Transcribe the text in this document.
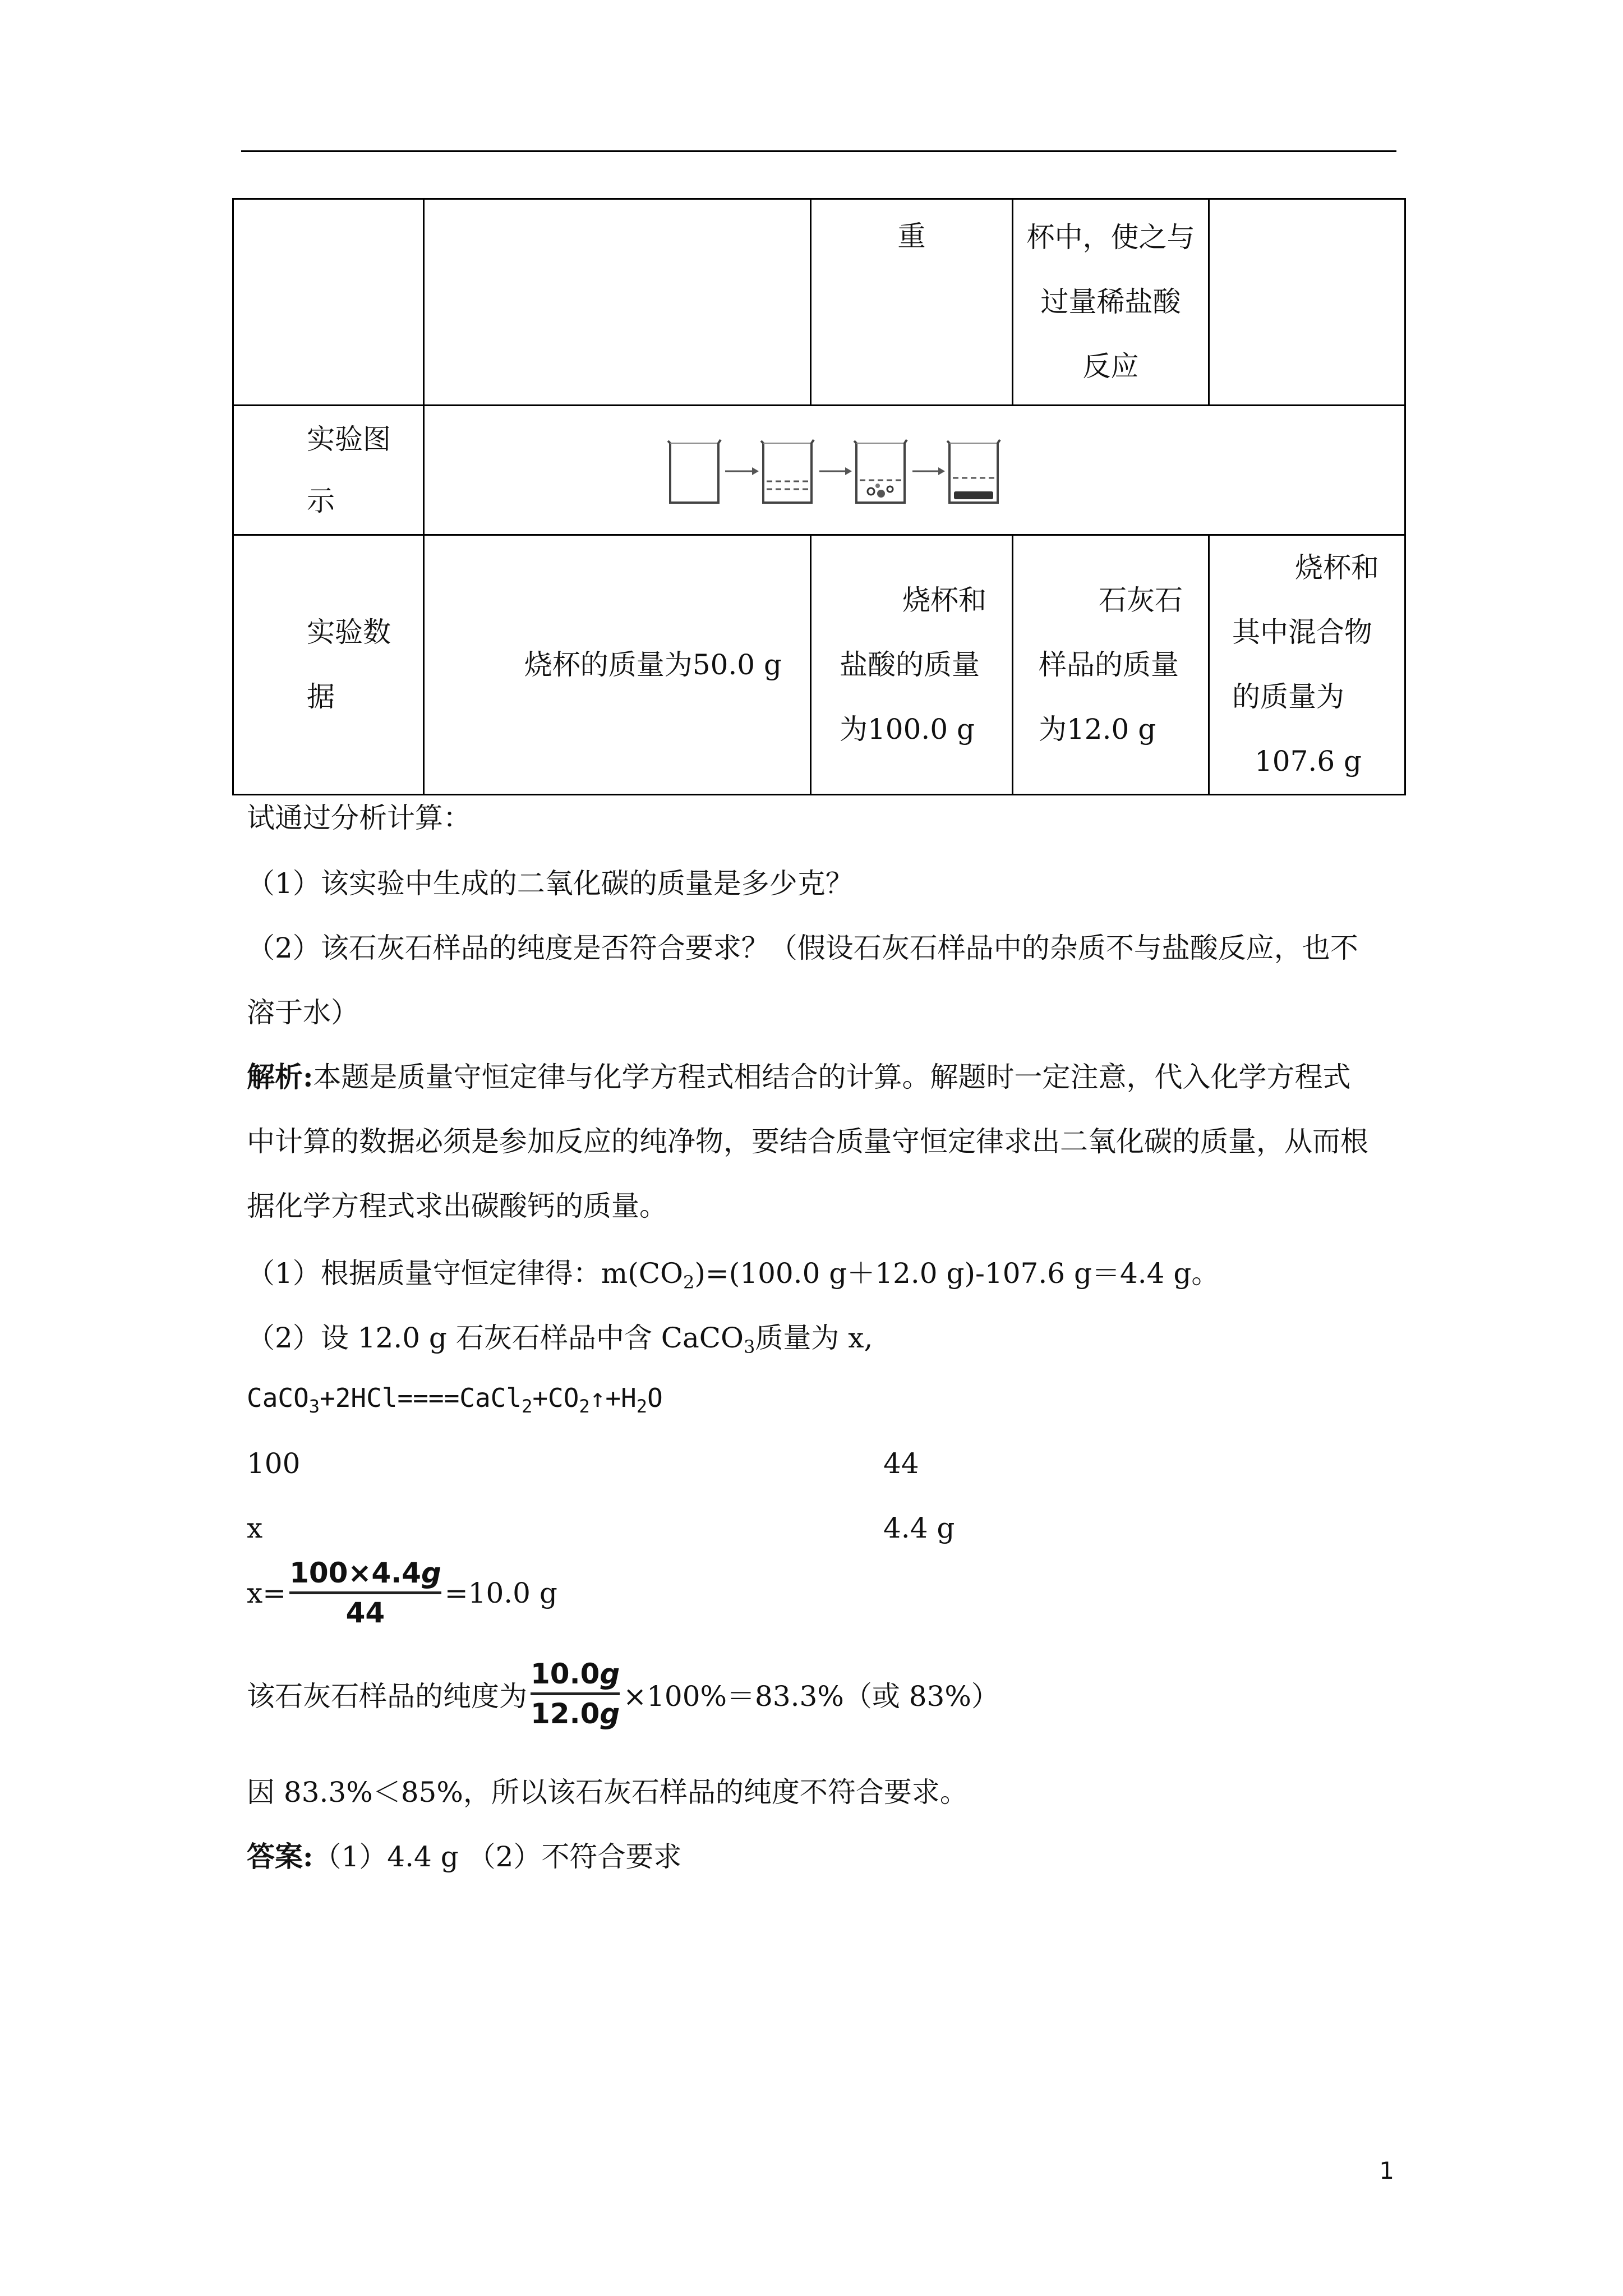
		重	杯中，使之与 过量稀盐酸 反应	

实验图
示

实验数
据	烧杯的质量为50.0 g	烧杯和
盐酸的质量
为100.0 g	石灰石
样品的质量
为12.0 g	烧杯和
其中混合物
的质量为
107.6 g
试通过分析计算：
（1）该实验中生成的二氧化碳的质量是多少克？
（2）该石灰石样品的纯度是否符合要求？（假设石灰石样品中的杂质不与盐酸反应，也不
溶于水）
解析:本题是质量守恒定律与化学方程式相结合的计算。解题时一定注意，代入化学方程式
中计算的数据必须是参加反应的纯净物，要结合质量守恒定律求出二氧化碳的质量，从而根
据化学方程式求出碳酸钙的质量。
（1）根据质量守恒定律得：$m(CO_2)=(100.0$ g＋12.0 g)-107.6 g＝4.4 g。
（2）设 12.0 g 石灰石样品中含 CaCO$_3$质量为 x,
$CaCO_3+2HCl====CaCl_2+CO_2↑+H_2O$
100	44
x	4.4 g
x=
100×4.4g
44
=10.0 g
该石灰石样品的纯度为
10.0g
12.0g
×100%＝83.3%（或 83%）
因 83.3%＜85%，所以该石灰石样品的纯度不符合要求。
答案:（1）4.4 g （2）不符合要求
1
